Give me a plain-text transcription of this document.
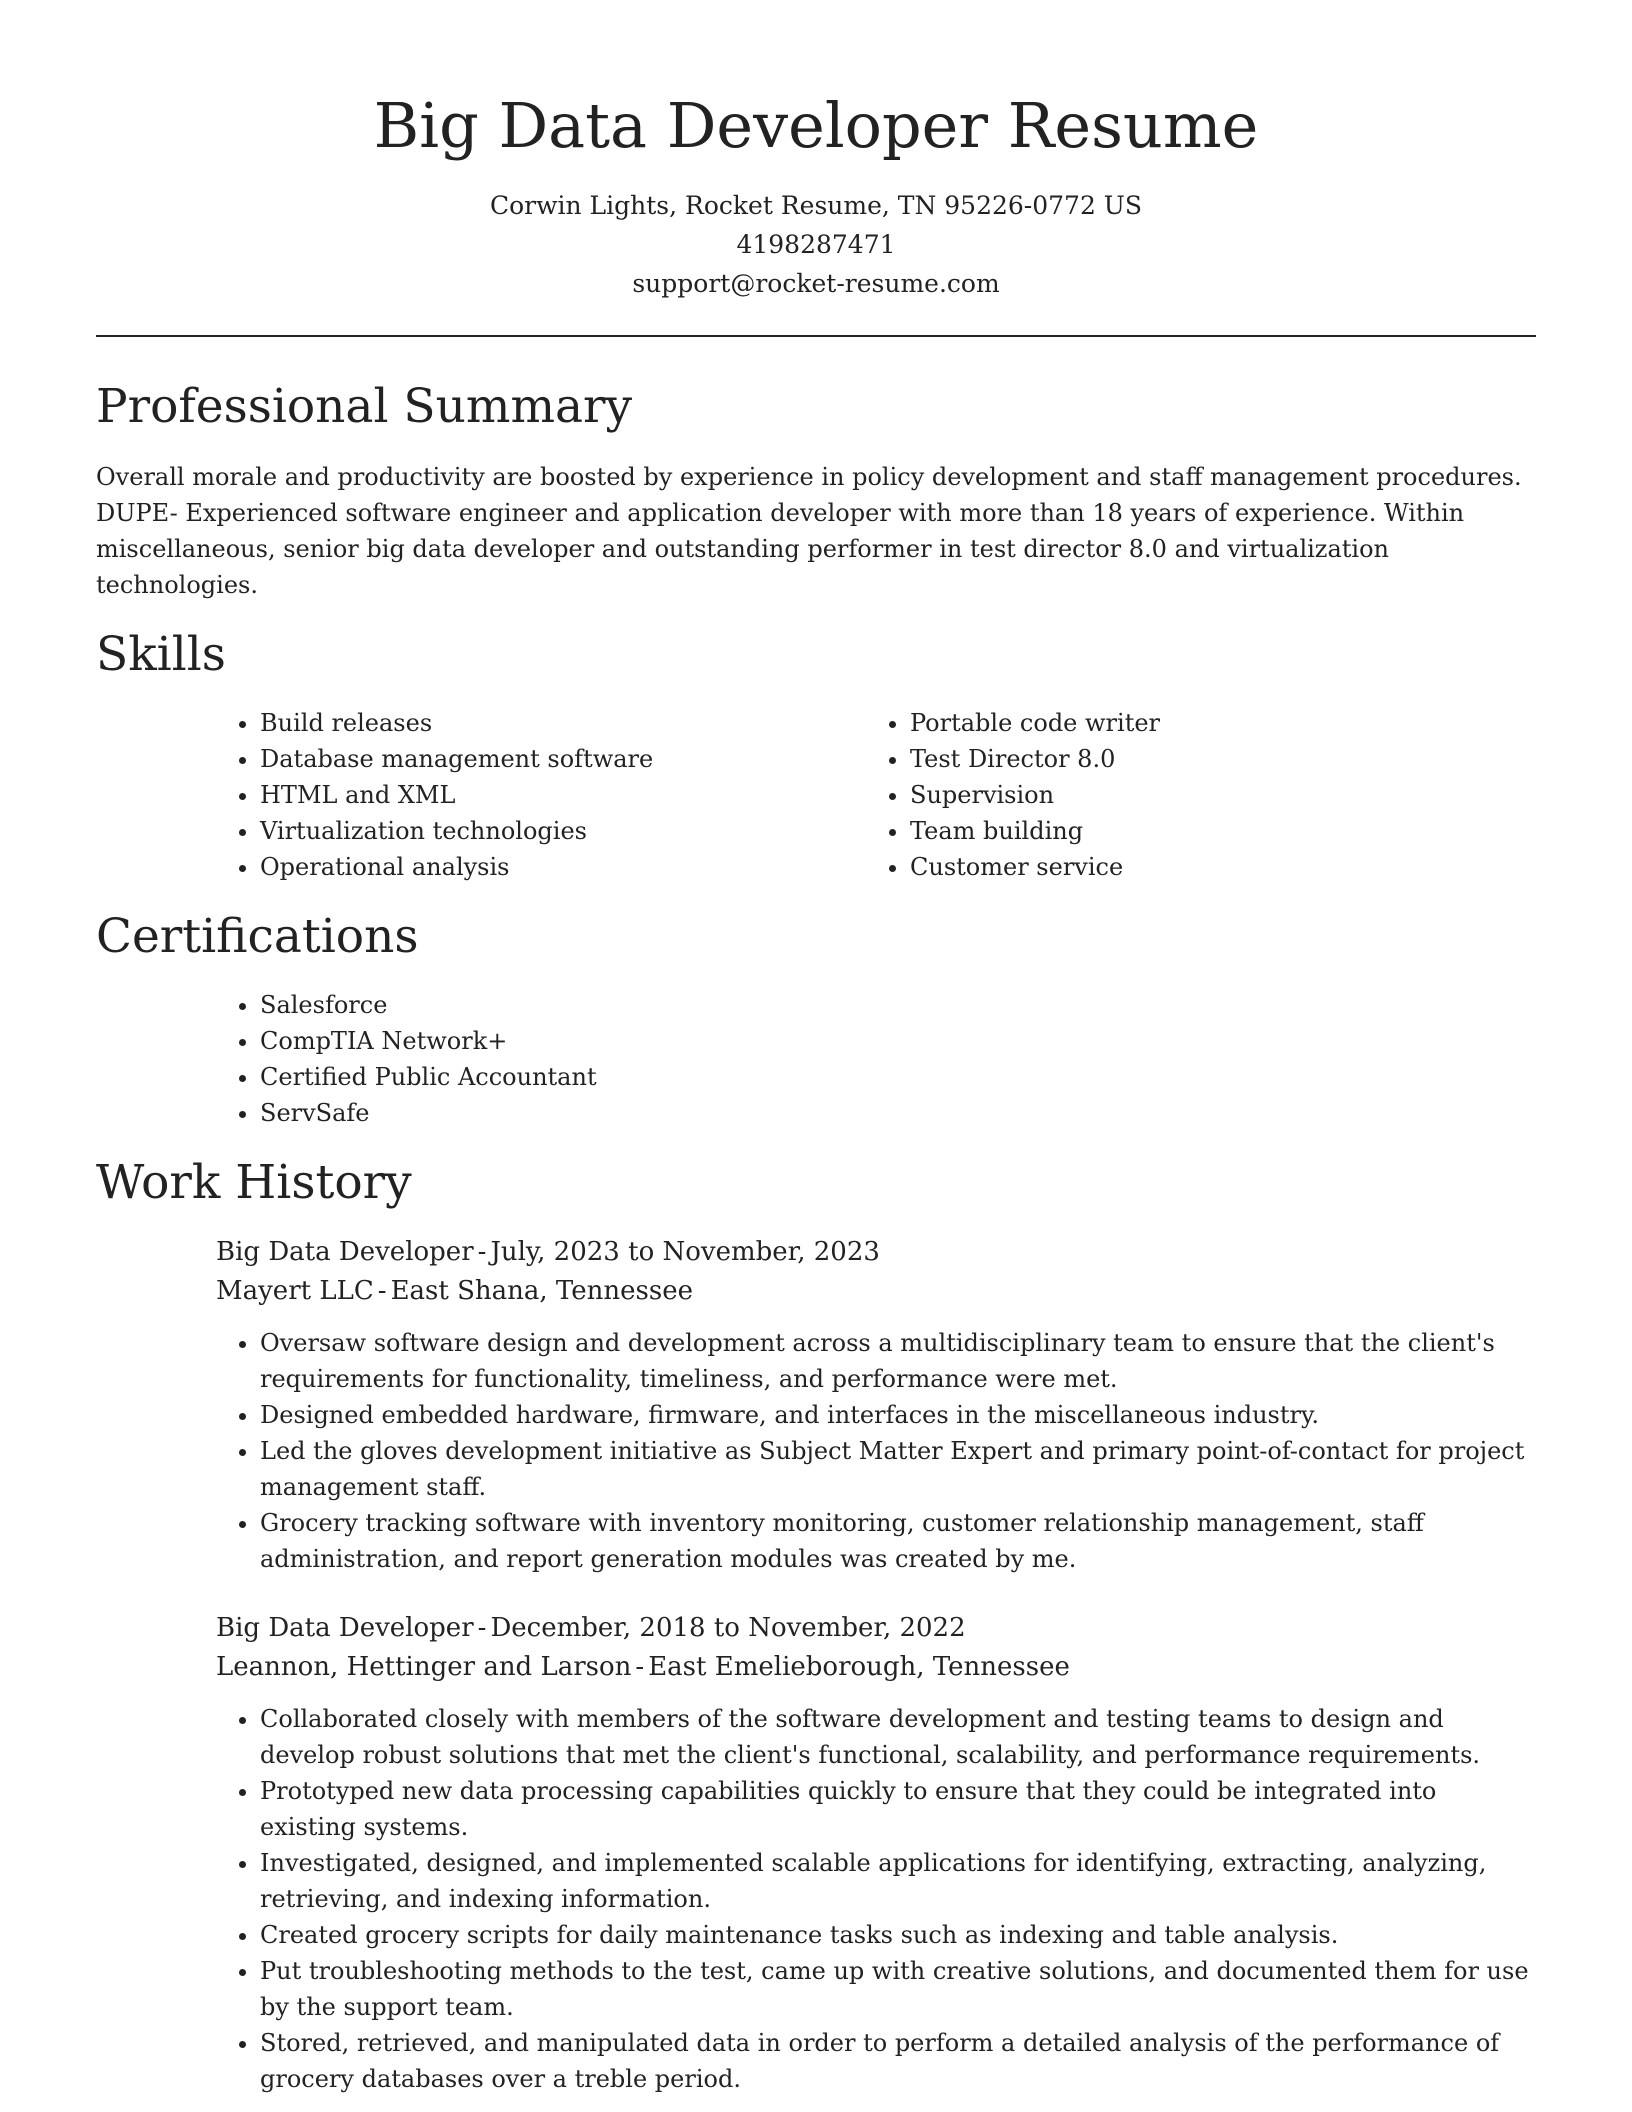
Big Data Developer Resume
Corwin Lights, Rocket Resume, TN 95226-0772 US
4198287471
support@rocket-resume.com
Professional Summary

Overall morale and productivity are boosted by experience in policy development and staff management procedures. DUPE- Experienced software engineer and application developer with more than 18 years of experience. Within miscellaneous, senior big data developer and outstanding performer in test director 8.0 and virtualization technologies.

Skills
• Build releases
• Database management software
• HTML and XML
• Virtualization technologies
• Operational analysis
• Portable code writer
• Test Director 8.0
• Supervision
• Team building
• Customer service
Certifications
• Salesforce
• CompTIA Network+
• Certified Public Accountant
• ServSafe
Work History
Big Data Developer - July, 2023 to November, 2023
Mayert LLC - East Shana, Tennessee
• Oversaw software design and development across a multidisciplinary team to ensure that the client's requirements for functionality, timeliness, and performance were met.
• Designed embedded hardware, firmware, and interfaces in the miscellaneous industry.
• Led the gloves development initiative as Subject Matter Expert and primary point-of-contact for project management staff.
• Grocery tracking software with inventory monitoring, customer relationship management, staff administration, and report generation modules was created by me.
Big Data Developer - December, 2018 to November, 2022
Leannon, Hettinger and Larson - East Emelieborough, Tennessee
• Collaborated closely with members of the software development and testing teams to design and develop robust solutions that met the client's functional, scalability, and performance requirements.
• Prototyped new data processing capabilities quickly to ensure that they could be integrated into existing systems.
• Investigated, designed, and implemented scalable applications for identifying, extracting, analyzing, retrieving, and indexing information.
• Created grocery scripts for daily maintenance tasks such as indexing and table analysis.
• Put troubleshooting methods to the test, came up with creative solutions, and documented them for use by the support team.
• Stored, retrieved, and manipulated data in order to perform a detailed analysis of the performance of grocery databases over a treble period.
